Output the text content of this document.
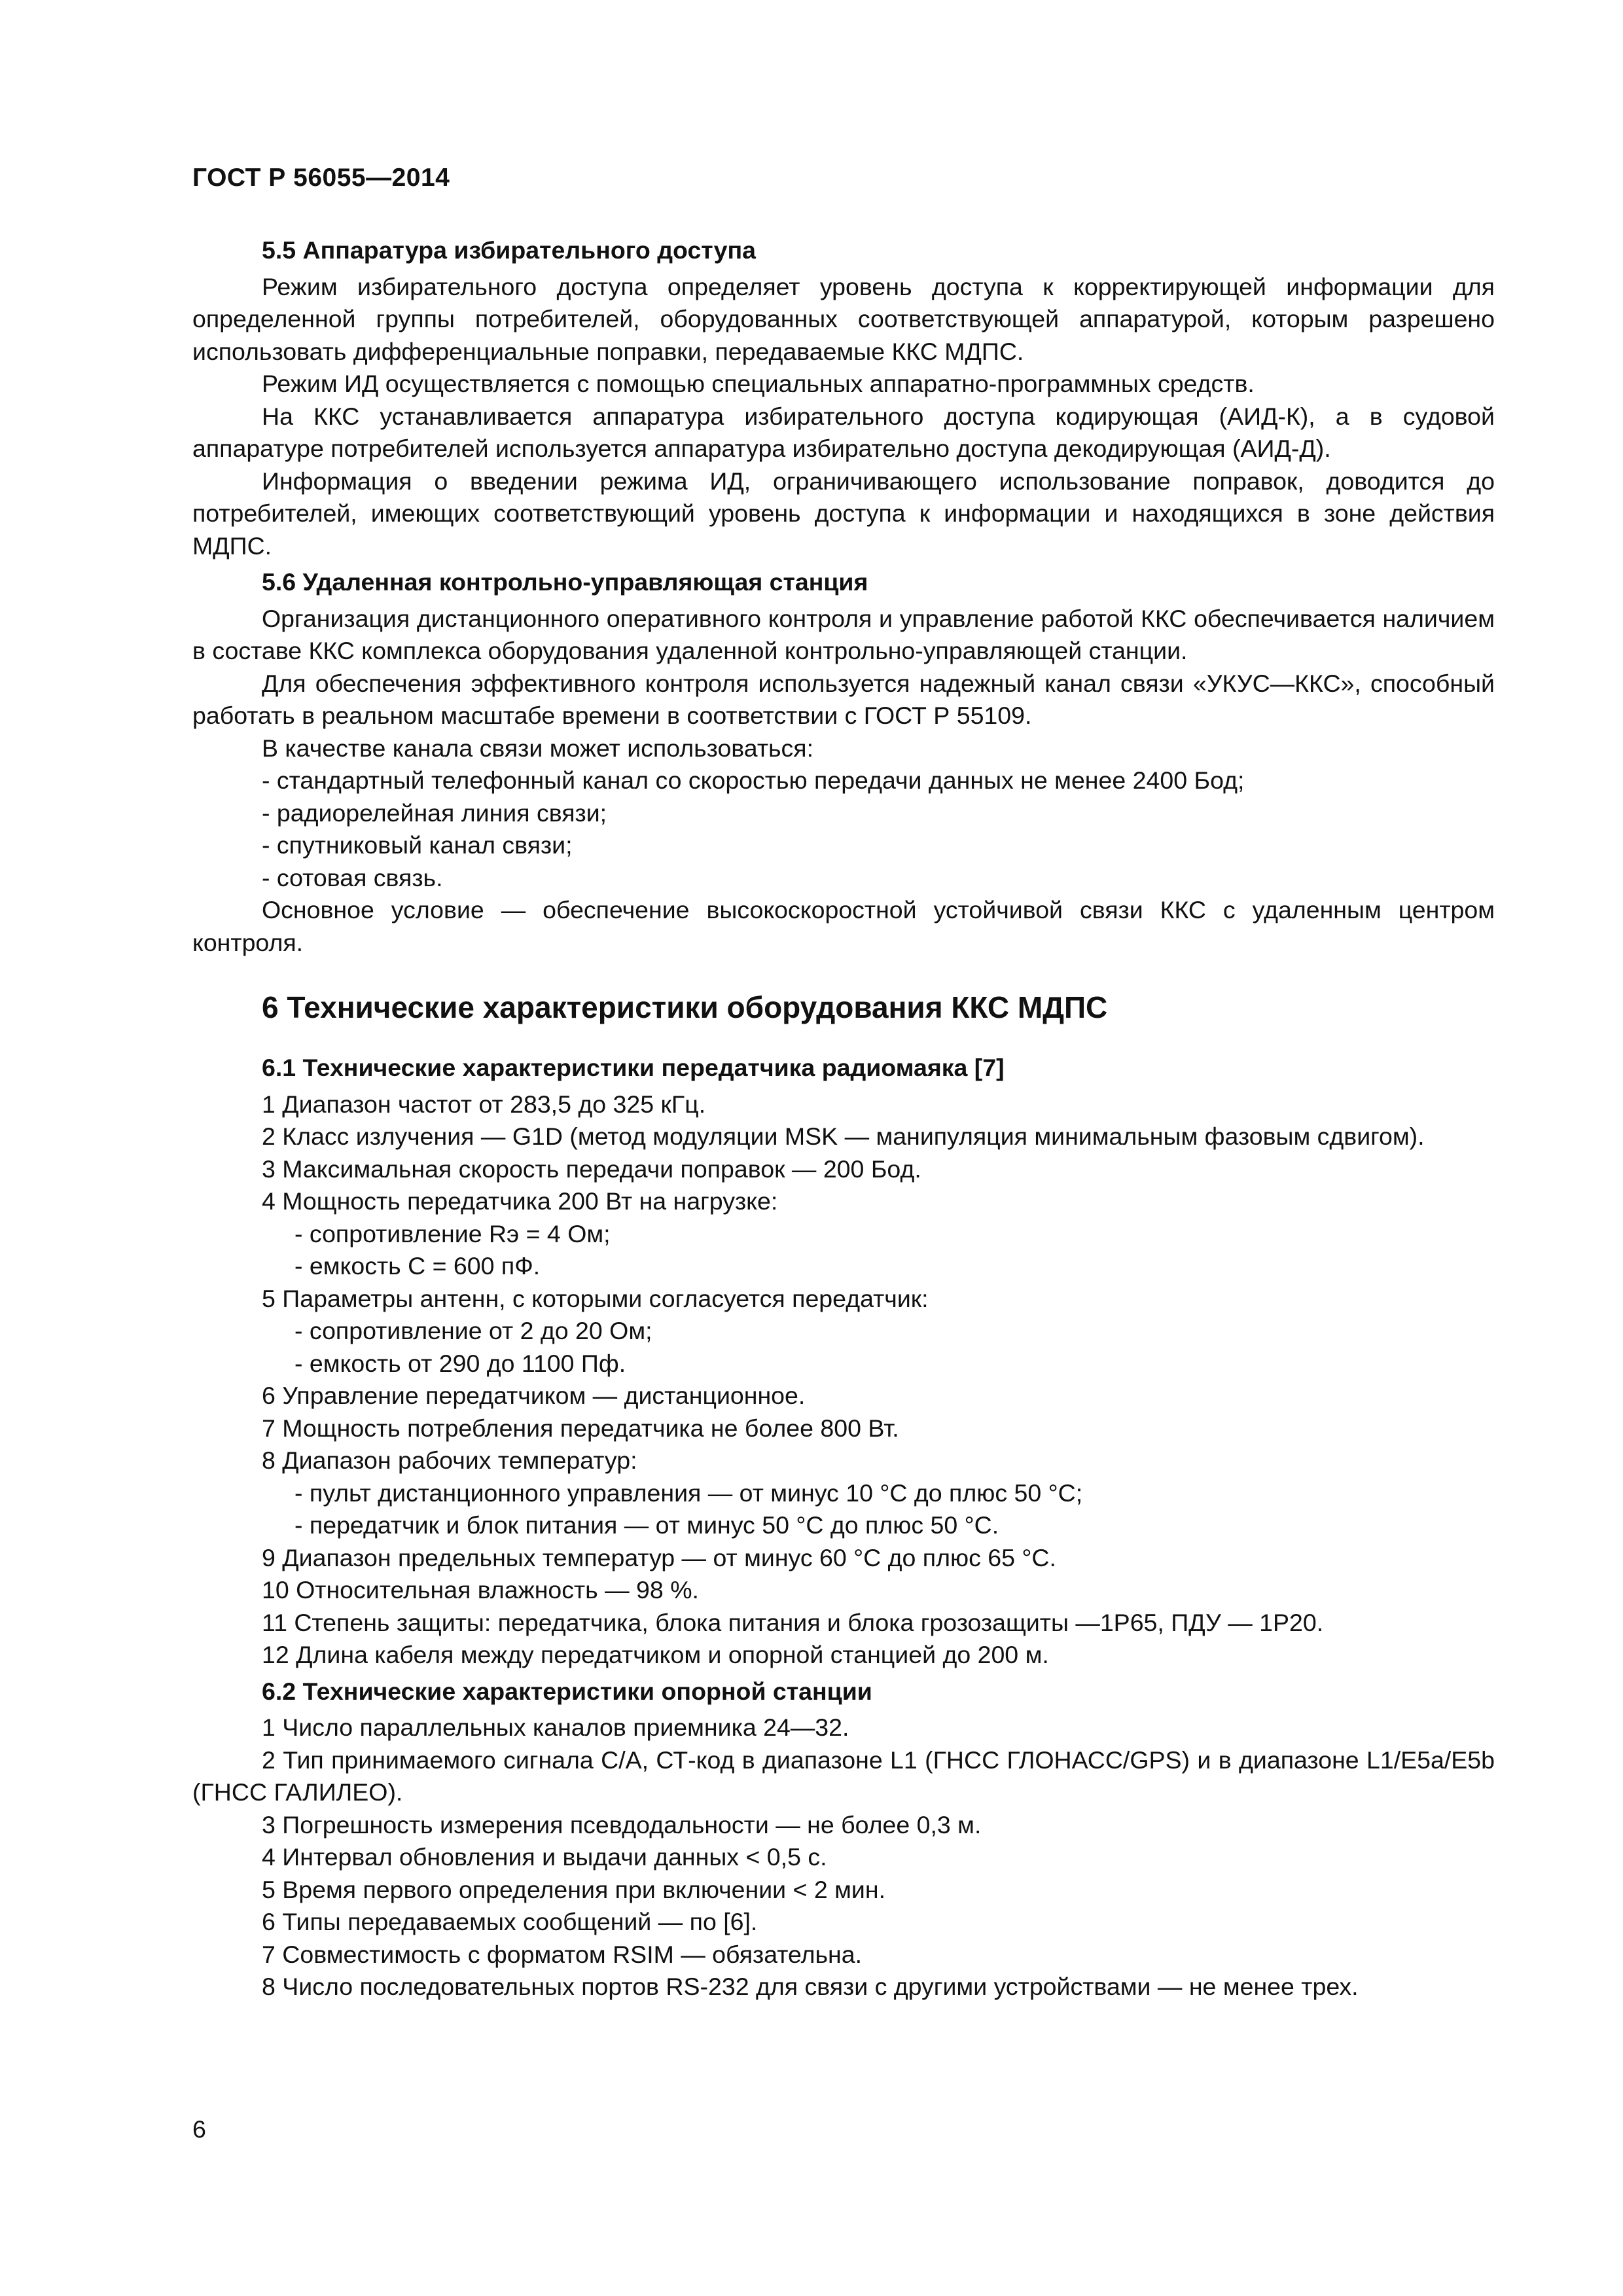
ГОСТ Р 56055—2014
5.5 Аппаратура избирательного доступа

Режим избирательного доступа определяет уровень доступа к корректирующей информации для определенной группы потребителей, оборудованных соответствующей аппаратурой, которым разрешено использовать дифференциальные поправки, передаваемые ККС МДПС.

Режим ИД осуществляется с помощью специальных аппаратно-программных средств.

На ККС устанавливается аппаратура избирательного доступа кодирующая (АИД-К), а в судовой аппаратуре потребителей используется аппаратура избирательно доступа декодирующая (АИД-Д).

Информация о введении режима ИД, ограничивающего использование поправок, доводится до потребителей, имеющих соответствующий уровень доступа к информации и находящихся в зоне действия МДПС.

5.6 Удаленная контрольно-управляющая станция

Организация дистанционного оперативного контроля и управление работой ККС обеспечивается наличием в составе ККС комплекса оборудования удаленной контрольно-управляющей станции.

Для обеспечения эффективного контроля используется надежный канал связи «УКУС—ККС», способный работать в реальном масштабе времени в соответствии с ГОСТ Р 55109.

В качестве канала связи может использоваться:

- стандартный телефонный канал со скоростью передачи данных не менее 2400 Бод;

- радиорелейная линия связи;

- спутниковый канал связи;

- сотовая связь.

Основное условие — обеспечение высокоскоростной устойчивой связи ККС с удаленным центром контроля.

6 Технические характеристики оборудования ККС МДПС
6.1 Технические характеристики передатчика радиомаяка [7]

1 Диапазон частот от 283,5 до 325 кГц.

2 Класс излучения — G1D (метод модуляции MSK — манипуляция минимальным фазовым сдвигом).

3 Максимальная скорость передачи поправок — 200 Бод.

4 Мощность передатчика 200 Вт на нагрузке:

- сопротивление Rэ = 4 Ом;

- емкость С = 600 пФ.

5 Параметры антенн, с которыми согласуется передатчик:

- сопротивление от 2 до 20 Ом;

- емкость от 290 до 1100 Пф.

6 Управление передатчиком — дистанционное.

7 Мощность потребления передатчика не более 800 Вт.

8 Диапазон рабочих температур:

- пульт дистанционного управления — от минус 10 °С до плюс 50 °С;

- передатчик и блок питания — от минус 50 °С до плюс 50 °С.

9 Диапазон предельных температур — от минус 60 °С до плюс 65 °С.

10 Относительная влажность — 98 %.

11 Степень защиты: передатчика, блока питания и блока грозозащиты —1Р65, ПДУ — 1Р20.

12 Длина кабеля между передатчиком и опорной станцией до 200 м.

6.2 Технические характеристики опорной станции

1 Число параллельных каналов приемника 24—32.

2 Тип принимаемого сигнала С/А, СТ-код в диапазоне L1 (ГНСС ГЛОНАСС/GPS) и в диапазоне L1/E5a/E5b (ГНСС ГАЛИЛЕО).

3 Погрешность измерения псевдодальности — не более 0,3 м.

4 Интервал обновления и выдачи данных < 0,5 с.

5 Время первого определения при включении < 2 мин.

6 Типы передаваемых сообщений — по [6].

7 Совместимость с форматом RSIM — обязательна.

8 Число последовательных портов RS-232 для связи с другими устройствами — не менее трех.

6
